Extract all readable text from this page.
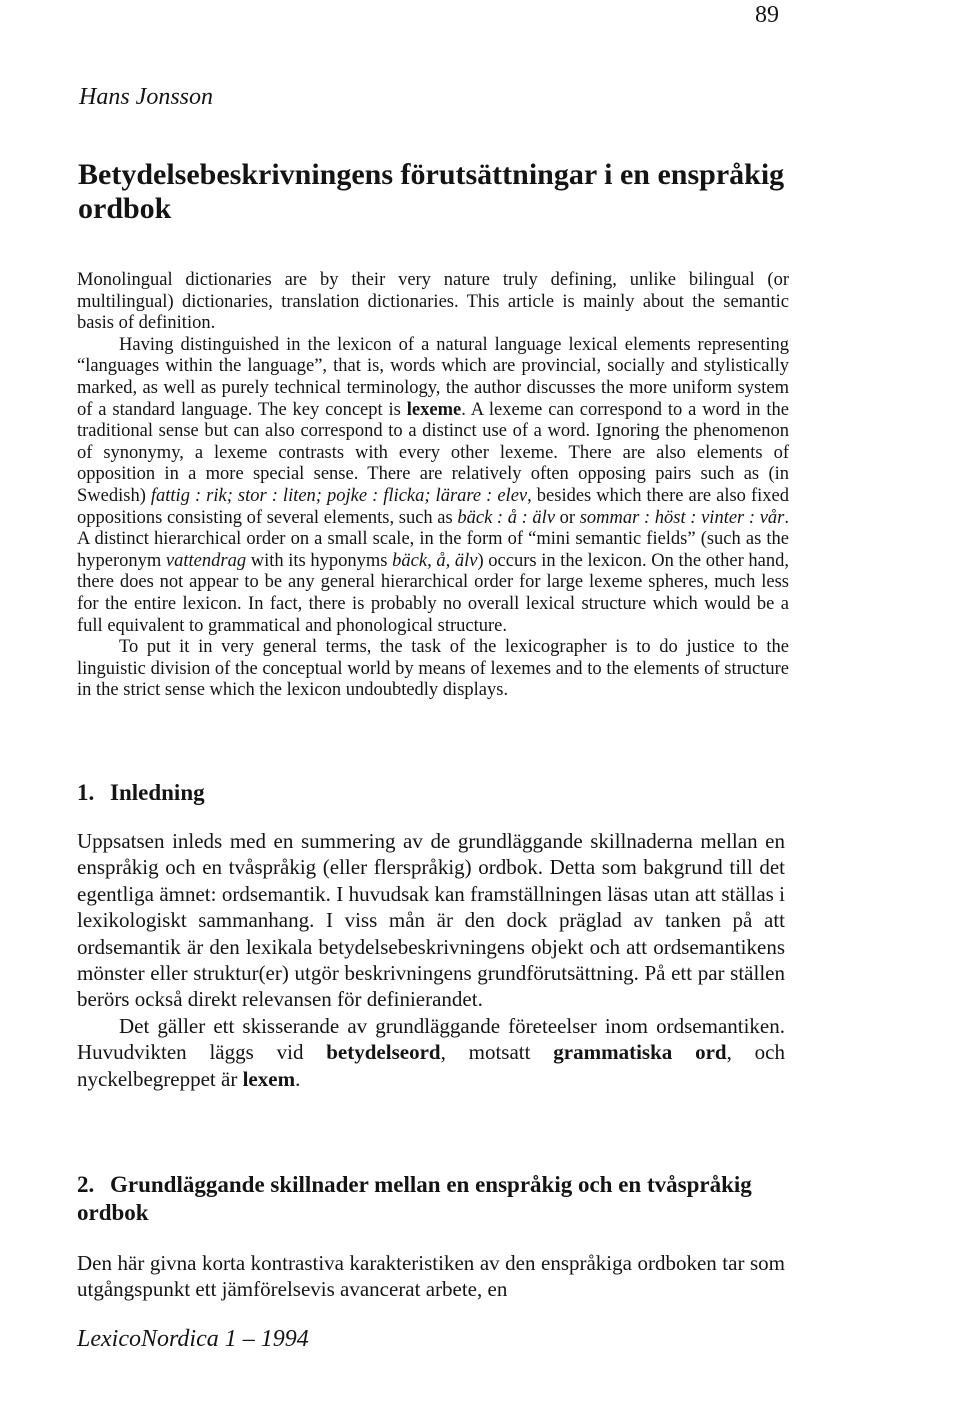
89
Hans Jonsson
Betydelsebeskrivningens förutsättningar i en enspråkig ordbok

Monolingual dictionaries are by their very nature truly defining, unlike bilingual (or multilingual) dictionaries, translation dictionaries. This article is mainly about the semantic basis of definition.

Having distinguished in the lexicon of a natural language lexical elements representing “languages within the language”, that is, words which are provincial, socially and stylistically marked, as well as purely technical terminology, the author discusses the more uniform system of a standard language. The key concept is lexeme. A lexeme can correspond to a word in the traditional sense but can also correspond to a distinct use of a word. Ignoring the phenomenon of synonymy, a lexeme contrasts with every other lexeme. There are also elements of opposition in a more special sense. There are relatively often opposing pairs such as (in Swedish) fattig : rik; stor : liten; pojke : flicka; lärare : elev, besides which there are also fixed oppositions consisting of several elements, such as bäck : å : älv or sommar : höst : vinter : vår. A distinct hierarchical order on a small scale, in the form of “mini semantic fields” (such as the hyperonym vattendrag with its hyponyms bäck, å, älv) occurs in the lexicon. On the other hand, there does not appear to be any general hierarchical order for large lexeme spheres, much less for the entire lexicon. In fact, there is probably no overall lexical structure which would be a full equivalent to grammatical and phonological structure.

To put it in very general terms, the task of the lexicographer is to do justice to the linguistic division of the conceptual world by means of lexemes and to the elements of structure in the strict sense which the lexicon undoubtedly displays.

1. Inledning

Uppsatsen inleds med en summering av de grundläggande skillnaderna mellan en enspråkig och en tvåspråkig (eller flerspråkig) ordbok. Detta som bakgrund till det egentliga ämnet: ordsemantik. I huvudsak kan framställningen läsas utan att ställas i lexikologiskt sammanhang. I viss mån är den dock präglad av tanken på att ordsemantik är den lexikala betydelsebeskrivningens objekt och att ordsemantikens mönster eller struktur(er) utgör beskrivningens grundförutsättning. På ett par ställen berörs också direkt relevansen för definierandet.

Det gäller ett skisserande av grundläggande företeelser inom ordsemantiken. Huvudvikten läggs vid betydelseord, motsatt grammatiska ord, och nyckelbegreppet är lexem.

2. Grundläggande skillnader mellan en enspråkig och en tvåspråkig ordbok

Den här givna korta kontrastiva karakteristiken av den enspråkiga ordboken tar som utgångspunkt ett jämförelsevis avancerat arbete, en

LexicoNordica 1 – 1994
